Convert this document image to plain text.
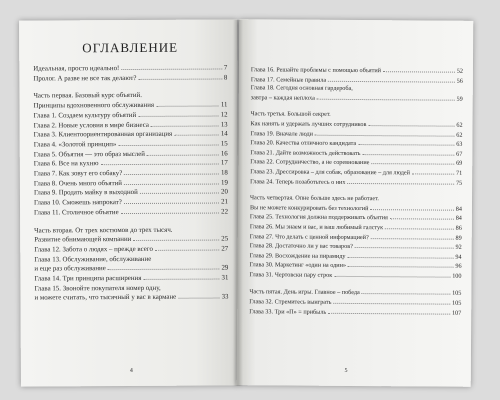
ОГЛАВЛЕНИЕ
Идеальная, просто идеально!	7
Пролог. А разве не все так делают?	8
Часть первая. Базовый курс объятий.
Принципы вдохновенного обслуживания	11
Глава 1. Создаем культуру объятий	12
Глава 2. Новые условия в мире бизнеса	13
Глава 3. Клиентоориентированная организация	14
Глава 4. «Золотой принцип»	15
Глава 5. Объятия — это образ мыслей	16
Глава 6. Все на кухню	17
Глава 7. Как зовут его собаку?	18
Глава 8. Очень много объятий	19
Глава 9. Продать майку в выходной	20
Глава 10. Сможешь напрокат?	21
Глава 11. Столичное объятие	22
Часть вторая. От трех костюмов до трех тысяч.
Развитие обнимающей компании	25
Глава 12. Забота о людях – прежде всего	27
Глава 13. Обслуживание, обслуживание
и еще раз обслуживание	29
Глава 14. Три принципа расширения	31
Глава 15. Звонойте покупателя номер одну,
и можете считать, что тысячный у вас в кармане	33
4
Глава 16. Решайте проблемы с помощью объятий	52
Глава 17. Семейные правила	56
Глава 18. Сегодня основная гардероба,
завтра – каждая неплоха	59
Часть третья. Большой секрет.
Как нанять и удержать лучших сотрудников	62
Глава 19. Вначале люди	62
Глава 20. Качества отличного кандидата	63
Глава 21. Дайте возможность действовать	67
Глава 22. Сотрудничество, а не соревнование	69
Глава 23. Дрессировка – для собак, образование – для людей	71
Глава 24. Теперь позаботьтесь о них	75
Часть четвертая. Опне больше здесь не работает.
Вы не можете конкурировать без технологий	84
Глава 25. Технология должна поддерживать объятия	84
Глава 26. Мы знаем и вас, и ваш любимый галстук	86
Глава 27. Что делать с ценной информацией?	89
Глава 28. Достаточно ли у вас товаров?	92
Глава 29. Восхождение на пирамиду	94
Глава 30. Маркетинг «один на один»	96
Глава 31. Чертовски пару строк	100
Часть пятая. День игры. Главное – победа	105
Глава 32. Стремитесь выиграть	105
Глава 33. Три «П» = прибыль	107
5
